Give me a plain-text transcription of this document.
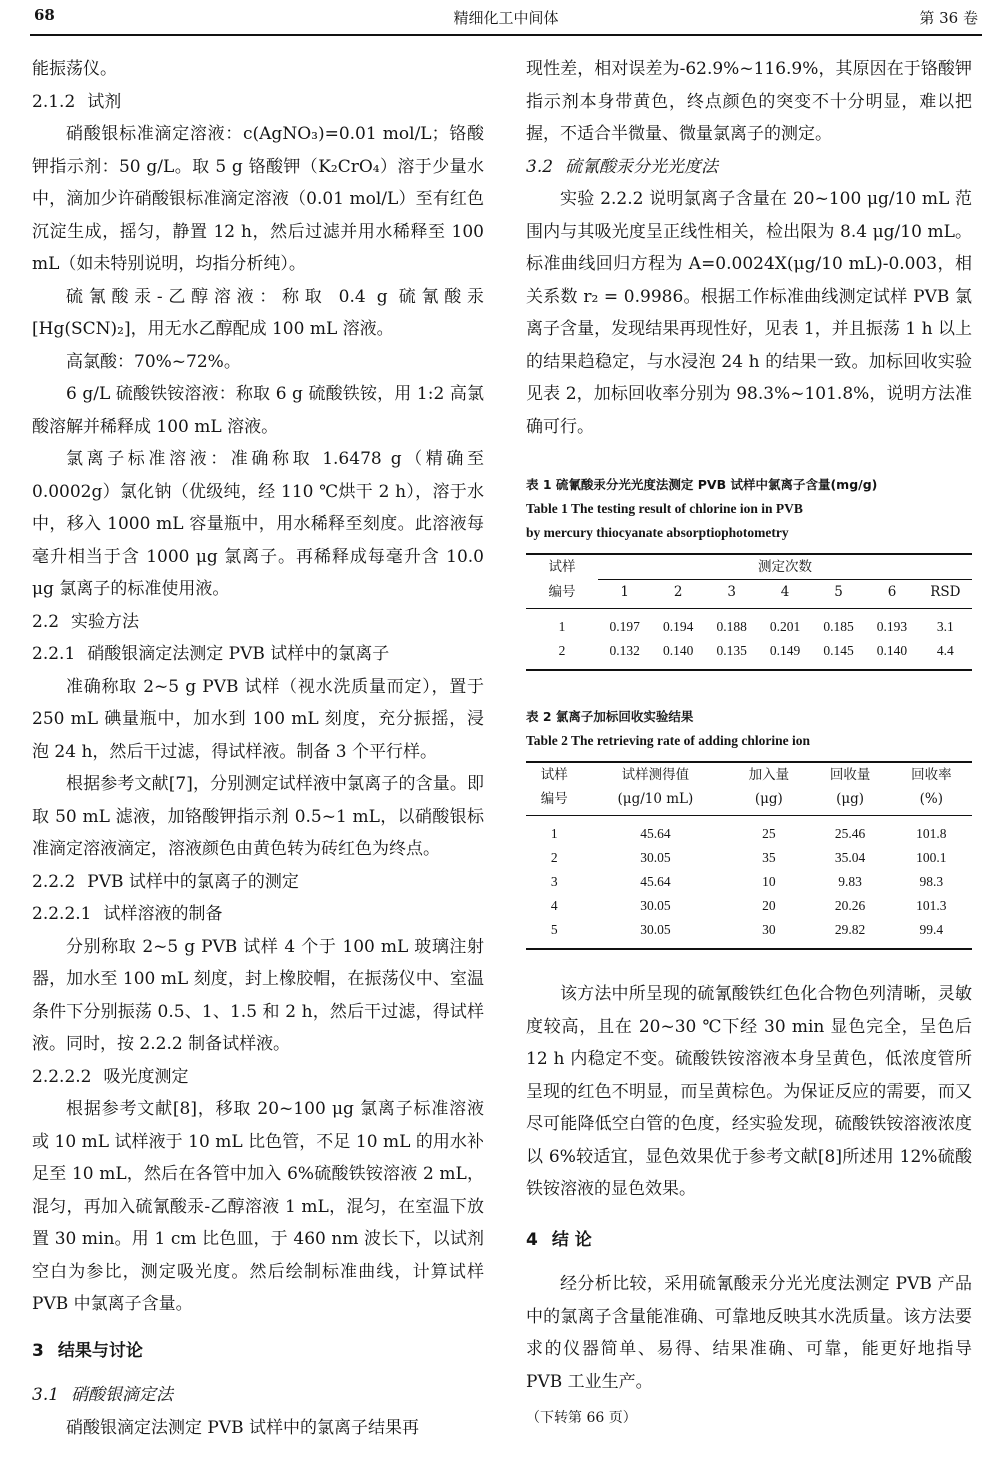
68	精细化工中间体	第 36 卷

能振荡仪。

2.1.2 试剂

硝酸银标准滴定溶液：c(AgNO₃)=0.01 mol/L；铬酸钾指示剂：50 g/L。取 5 g 铬酸钾（K₂CrO₄）溶于少量水中，滴加少许硝酸银标准滴定溶液（0.01 mol/L）至有红色沉淀生成，摇匀，静置 12 h，然后过滤并用水稀释至 100 mL（如未特别说明，均指分析纯）。

硫氰酸汞-乙醇溶液：称取 0.4 g 硫氰酸汞[Hg(SCN)₂]，用无水乙醇配成 100 mL 溶液。

高氯酸：70%~72%。

6 g/L 硫酸铁铵溶液：称取 6 g 硫酸铁铵，用 1:2 高氯酸溶解并稀释成 100 mL 溶液。

氯离子标准溶液：准确称取 1.6478 g（精确至 0.0002g）氯化钠（优级纯，经 110 ℃烘干 2 h），溶于水中，移入 1000 mL 容量瓶中，用水稀释至刻度。此溶液每毫升相当于含 1000 μg 氯离子。再稀释成每毫升含 10.0 μg 氯离子的标准使用液。

2.2 实验方法

2.2.1 硝酸银滴定法测定 PVB 试样中的氯离子

准确称取 2~5 g PVB 试样（视水洗质量而定），置于 250 mL 碘量瓶中，加水到 100 mL 刻度，充分振摇，浸泡 24 h，然后干过滤，得试样液。制备 3 个平行样。

根据参考文献[7]，分别测定试样液中氯离子的含量。即取 50 mL 滤液，加铬酸钾指示剂 0.5~1 mL，以硝酸银标准滴定溶液滴定，溶液颜色由黄色转为砖红色为终点。

2.2.2 PVB 试样中的氯离子的测定

2.2.2.1 试样溶液的制备

分别称取 2~5 g PVB 试样 4 个于 100 mL 玻璃注射器，加水至 100 mL 刻度，封上橡胶帽，在振荡仪中、室温条件下分别振荡 0.5、1、1.5 和 2 h，然后干过滤，得试样液。同时，按 2.2.2 制备试样液。

2.2.2.2 吸光度测定

根据参考文献[8]，移取 20~100 μg 氯离子标准溶液或 10 mL 试样液于 10 mL 比色管，不足 10 mL 的用水补足至 10 mL，然后在各管中加入 6%硫酸铁铵溶液 2 mL，混匀，再加入硫氰酸汞-乙醇溶液 1 mL，混匀，在室温下放置 30 min。用 1 cm 比色皿，于 460 nm 波长下，以试剂空白为参比，测定吸光度。然后绘制标准曲线，计算试样 PVB 中氯离子含量。

3 结果与讨论

3.1 硝酸银滴定法

硝酸银滴定法测定 PVB 试样中的氯离子结果再

现性差，相对误差为-62.9%~116.9%，其原因在于铬酸钾指示剂本身带黄色，终点颜色的突变不十分明显，难以把握，不适合半微量、微量氯离子的测定。

3.2 硫氰酸汞分光光度法

实验 2.2.2 说明氯离子含量在 20~100 μg/10 mL 范围内与其吸光度呈正线性相关，检出限为 8.4 μg/10 mL。标准曲线回归方程为 A=0.0024X(μg/10 mL)-0.003，相关系数 r₂ = 0.9986。根据工作标准曲线测定试样 PVB 氯离子含量，发现结果再现性好，见表 1，并且振荡 1 h 以上的结果趋稳定，与水浸泡 24 h 的结果一致。加标回收实验见表 2，加标回收率分别为 98.3%~101.8%，说明方法准确可行。

表 1 硫氰酸汞分光光度法测定 PVB 试样中氯离子含量(mg/g)

Table 1 The testing result of chlorine ion in PVB

by mercury thiocyanate absorptiophotometry

试样	测定次数						
编号	1	2	3	4	5	6	RSD
1	0.197	0.194	0.188	0.201	0.185	0.193	3.1
2	0.132	0.140	0.135	0.149	0.145	0.140	4.4

表 2 氯离子加标回收实验结果

Table 2 The retrieving rate of adding chlorine ion

试样	试样测得值	加入量	回收量	回收率
编号	(μg/10 mL)	(μg)	(μg)	(%)
1	45.64	25	25.46	101.8
2	30.05	35	35.04	100.1
3	45.64	10	9.83	98.3
4	30.05	20	20.26	101.3
5	30.05	30	29.82	99.4

该方法中所呈现的硫氰酸铁红色化合物色列清晰，灵敏度较高，且在 20~30 ℃下经 30 min 显色完全，呈色后 12 h 内稳定不变。硫酸铁铵溶液本身呈黄色，低浓度管所呈现的红色不明显，而呈黄棕色。为保证反应的需要，而又尽可能降低空白管的色度，经实验发现，硫酸铁铵溶液浓度以 6%较适宜，显色效果优于参考文献[8]所述用 12%硫酸铁铵溶液的显色效果。

4 结 论

经分析比较，采用硫氰酸汞分光光度法测定 PVB 产品中的氯离子含量能准确、可靠地反映其水洗质量。该方法要求的仪器简单、易得、结果准确、可靠，能更好地指导 PVB 工业生产。

（下转第 66 页）
